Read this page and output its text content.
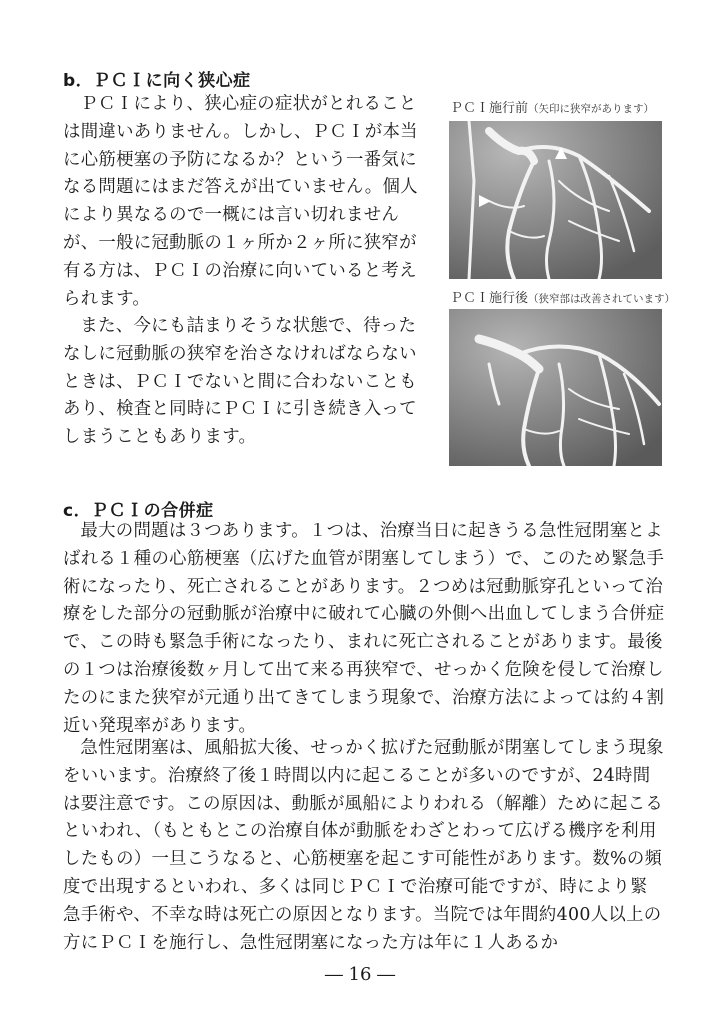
b．ＰＣＩに向く狭心症

ＰＣＩにより、狭心症の症状がとれることは間違いありません。しかし、ＰＣＩが本当に心筋梗塞の予防になるか？という一番気になる問題にはまだ答えが出ていません。個人により異なるので一概には言い切れませんが、一般に冠動脈の１ヶ所か２ヶ所に狭窄が有る方は、ＰＣＩの治療に向いていると考えられます。

また、今にも詰まりそうな状態で、待ったなしに冠動脈の狭窄を治さなければならないときは、ＰＣＩでないと間に合わないこともあり、検査と同時にＰＣＩに引き続き入ってしまうこともあります。

ＰＣＩ施行前（矢印に狭窄があります）
ＰＣＩ施行後（狭窄部は改善されています）
c．ＰＣＩの合併症

最大の問題は３つあります。１つは、治療当日に起きうる急性冠閉塞とよばれる１種の心筋梗塞（広げた血管が閉塞してしまう）で、このため緊急手術になったり、死亡されることがあります。２つめは冠動脈穿孔といって治療をした部分の冠動脈が治療中に破れて心臓の外側へ出血してしまう合併症で、この時も緊急手術になったり、まれに死亡されることがあります。最後の１つは治療後数ヶ月して出て来る再狭窄で、せっかく危険を侵して治療したのにまた狭窄が元通り出てきてしまう現象で、治療方法によっては約４割近い発現率があります。

急性冠閉塞は、風船拡大後、せっかく拡げた冠動脈が閉塞してしまう現象をいいます。治療終了後１時間以内に起こることが多いのですが、24時間は要注意です。この原因は、動脈が風船によりわれる（解離）ために起こるといわれ、（もともとこの治療自体が動脈をわざとわって広げる機序を利用したもの）一旦こうなると、心筋梗塞を起こす可能性があります。数%の頻度で出現するといわれ、多くは同じＰＣＩで治療可能ですが、時により緊急手術や、不幸な時は死亡の原因となります。当院では年間約400人以上の方にＰＣＩを施行し、急性冠閉塞になった方は年に１人あるか

― 16 ―
